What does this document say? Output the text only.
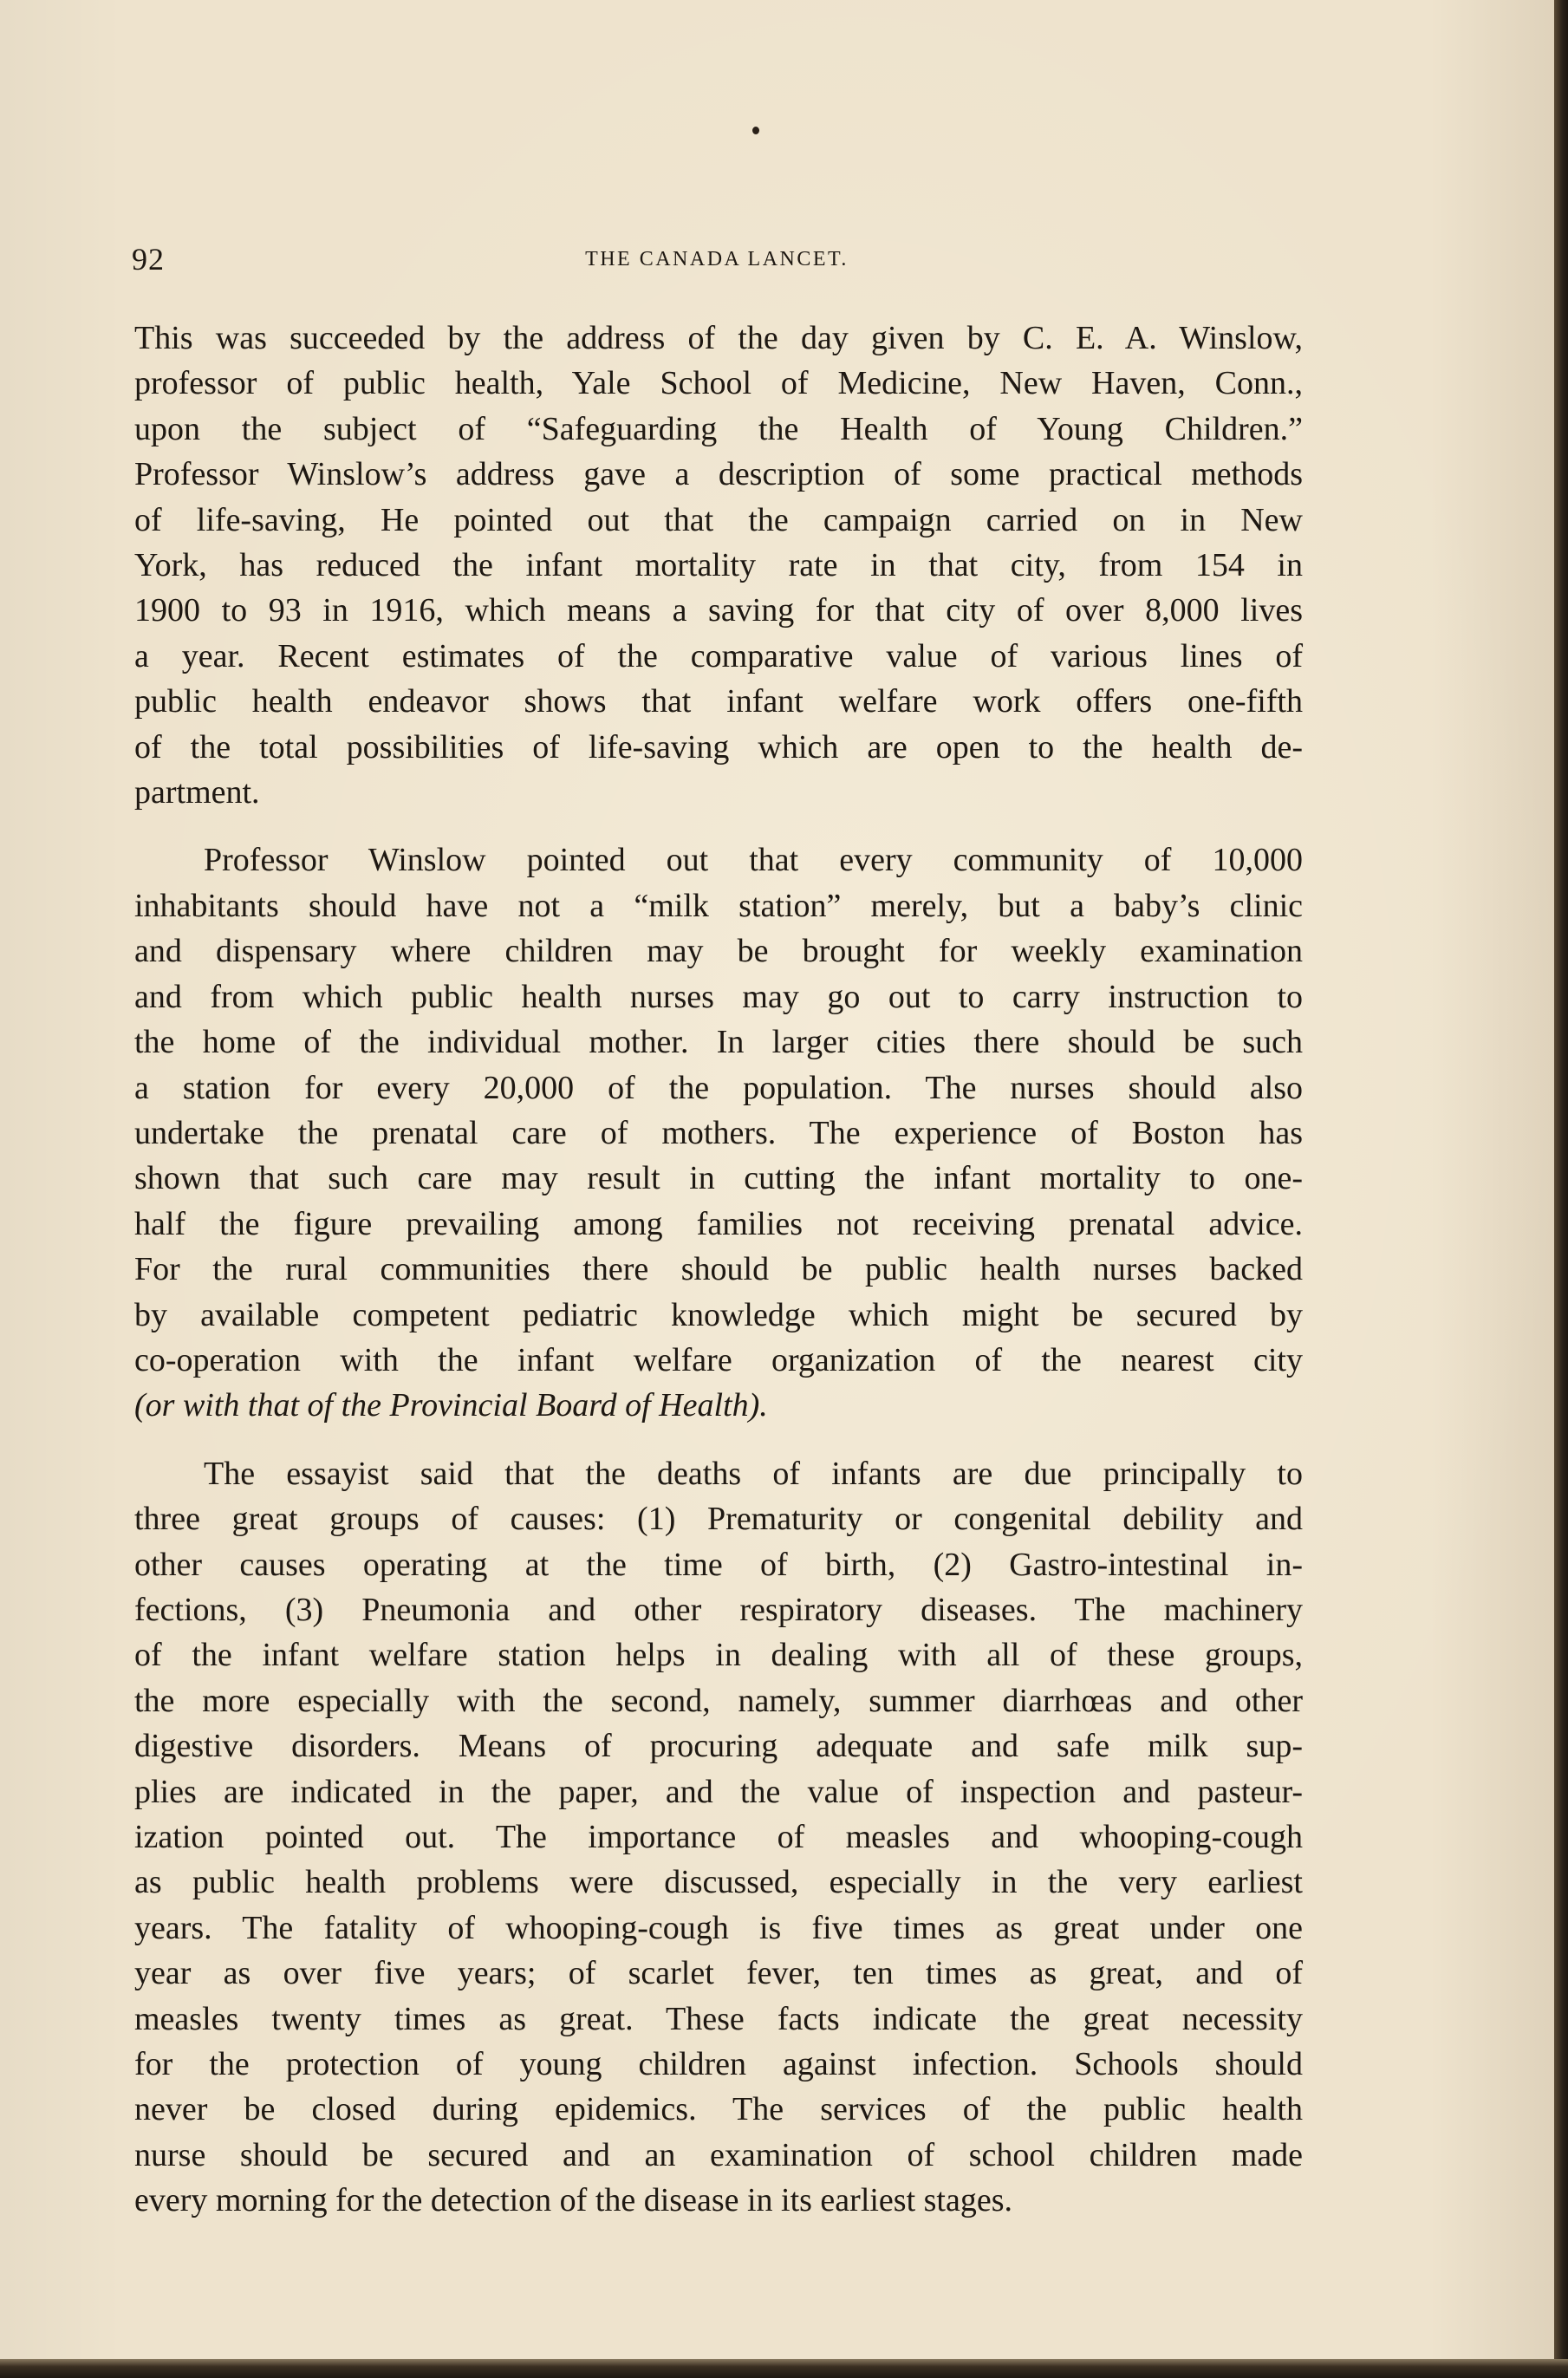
92	THE CANADA LANCET.
This was succeeded by the address of the day given by C. E. A. Winslow,
professor of public health, Yale School of Medicine, New Haven, Conn.,
upon the subject of “Safeguarding the Health of Young Children.”
Professor Winslow’s address gave a description of some practical methods
of life-saving, He pointed out that the campaign carried on in New
York, has reduced the infant mortality rate in that city, from 154 in
1900 to 93 in 1916, which means a saving for that city of over 8,000 lives
a year. Recent estimates of the comparative value of various lines of
public health endeavor shows that infant welfare work offers one-fifth
of the total possibilities of life-saving which are open to the health de-
partment.
Professor Winslow pointed out that every community of 10,000
inhabitants should have not a “milk station” merely, but a baby’s clinic
and dispensary where children may be brought for weekly examination
and from which public health nurses may go out to carry instruction to
the home of the individual mother. In larger cities there should be such
a station for every 20,000 of the population. The nurses should also
undertake the prenatal care of mothers. The experience of Boston has
shown that such care may result in cutting the infant mortality to one-
half the figure prevailing among families not receiving prenatal advice.
For the rural communities there should be public health nurses backed
by available competent pediatric knowledge which might be secured by
co-operation with the infant welfare organization of the nearest city
(or with that of the Provincial Board of Health).
The essayist said that the deaths of infants are due principally to
three great groups of causes: (1) Prematurity or congenital debility and
other causes operating at the time of birth, (2) Gastro-intestinal in-
fections, (3) Pneumonia and other respiratory diseases. The machinery
of the infant welfare station helps in dealing with all of these groups,
the more especially with the second, namely, summer diarrhœas and other
digestive disorders. Means of procuring adequate and safe milk sup-
plies are indicated in the paper, and the value of inspection and pasteur-
ization pointed out. The importance of measles and whooping-cough
as public health problems were discussed, especially in the very earliest
years. The fatality of whooping-cough is five times as great under one
year as over five years; of scarlet fever, ten times as great, and of
measles twenty times as great. These facts indicate the great necessity
for the protection of young children against infection. Schools should
never be closed during epidemics. The services of the public health
nurse should be secured and an examination of school children made
every morning for the detection of the disease in its earliest stages.
